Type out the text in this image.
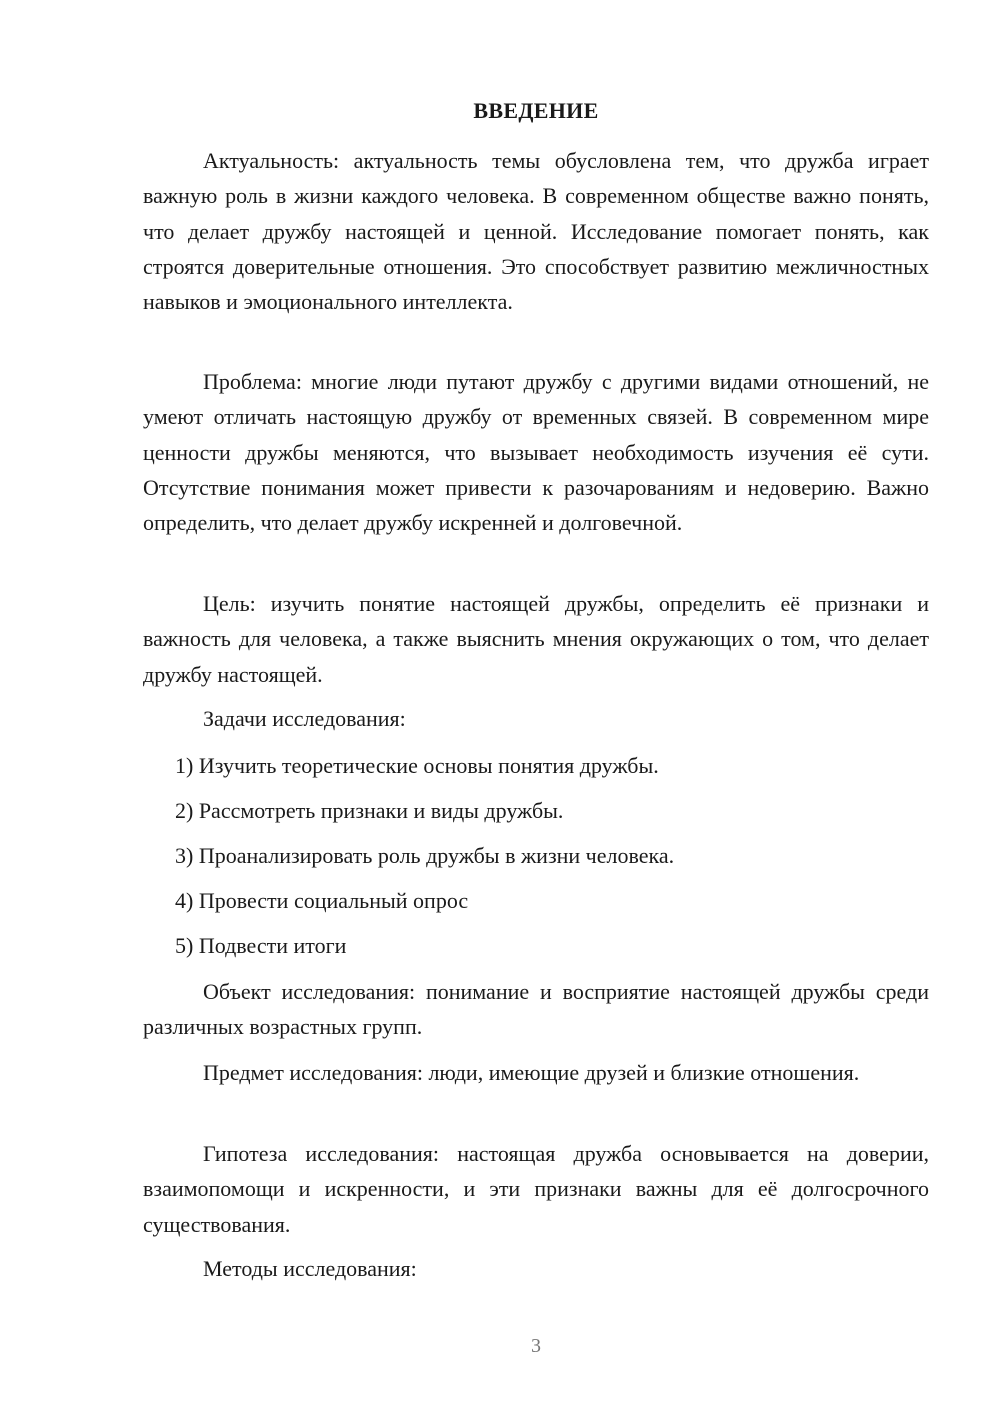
ВВЕДЕНИЕ

Актуальность: актуальность темы обусловлена тем, что дружба играет важную роль в жизни каждого человека. В современном обществе важно понять, что делает дружбу настоящей и ценной. Исследование помогает понять, как строятся доверительные отношения. Это способствует развитию межличностных навыков и эмоционального интеллекта.

Проблема: многие люди путают дружбу с другими видами отношений, не умеют отличать настоящую дружбу от временных связей. В современном мире ценности дружбы меняются, что вызывает необходимость изучения её сути. Отсутствие понимания может привести к разочарованиям и недоверию. Важно определить, что делает дружбу искренней и долговечной.

Цель: изучить понятие настоящей дружбы, определить её признаки и важность для человека, а также выяснить мнения окружающих о том, что делает дружбу настоящей.

Задачи исследования:

1) Изучить теоретические основы понятия дружбы.

2) Рассмотреть признаки и виды дружбы.

3) Проанализировать роль дружбы в жизни человека.

4) Провести социальный опрос

5) Подвести итоги

Объект исследования: понимание и восприятие настоящей дружбы среди различных возрастных групп.

Предмет исследования: люди, имеющие друзей и близкие отношения.

Гипотеза исследования: настоящая дружба основывается на доверии, взаимопомощи и искренности, и эти признаки важны для её долгосрочного существования.

Методы исследования:

3
